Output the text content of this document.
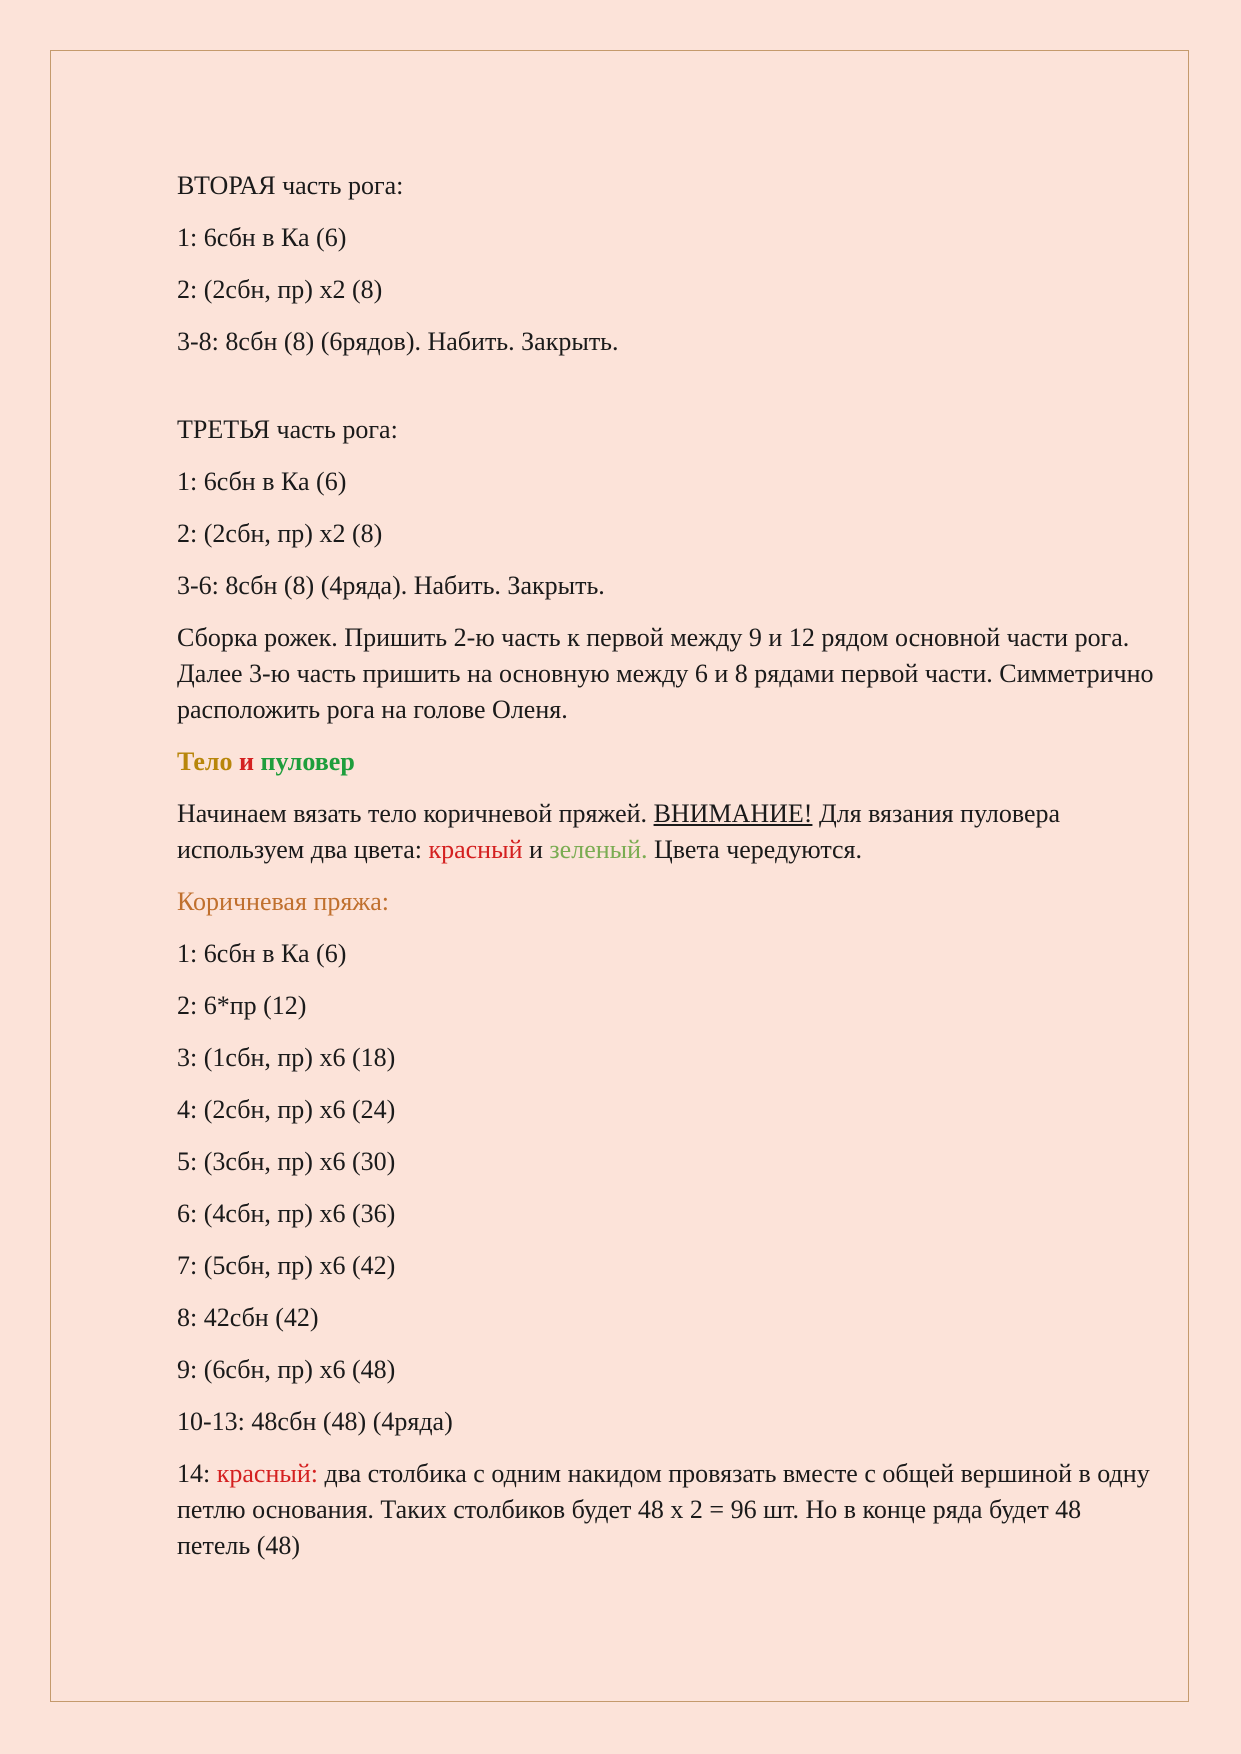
ВТОРАЯ часть рога:

1: 6сбн в Ка (6)

2: (2сбн, пр) х2 (8)

3-8: 8сбн (8) (6рядов). Набить. Закрыть.

ТРЕТЬЯ часть рога:

1: 6сбн в Ка (6)

2: (2сбн, пр) х2 (8)

3-6: 8сбн (8) (4ряда). Набить. Закрыть.

Сборка рожек. Пришить 2-ю часть к первой между 9 и 12 рядом основной части рога. Далее 3-ю часть пришить на основную между 6 и 8 рядами первой части. Симметрично расположить рога на голове Оленя.

Тело и пуловер

Начинаем вязать тело коричневой пряжей. ВНИМАНИЕ! Для вязания пуловера используем два цвета: красный и зеленый. Цвета чередуются.

Коричневая пряжа:

1: 6сбн в Ка (6)

2: 6*пр (12)

3: (1сбн, пр) х6 (18)

4: (2сбн, пр) х6 (24)

5: (3сбн, пр) х6 (30)

6: (4сбн, пр) х6 (36)

7: (5сбн, пр) х6 (42)

8: 42сбн (42)

9: (6сбн, пр) х6 (48)

10-13: 48сбн (48) (4ряда)

14: красный: два столбика с одним накидом провязать вместе с общей вершиной в одну петлю основания. Таких столбиков будет 48 х 2 = 96 шт. Но в конце ряда будет 48 петель (48)
